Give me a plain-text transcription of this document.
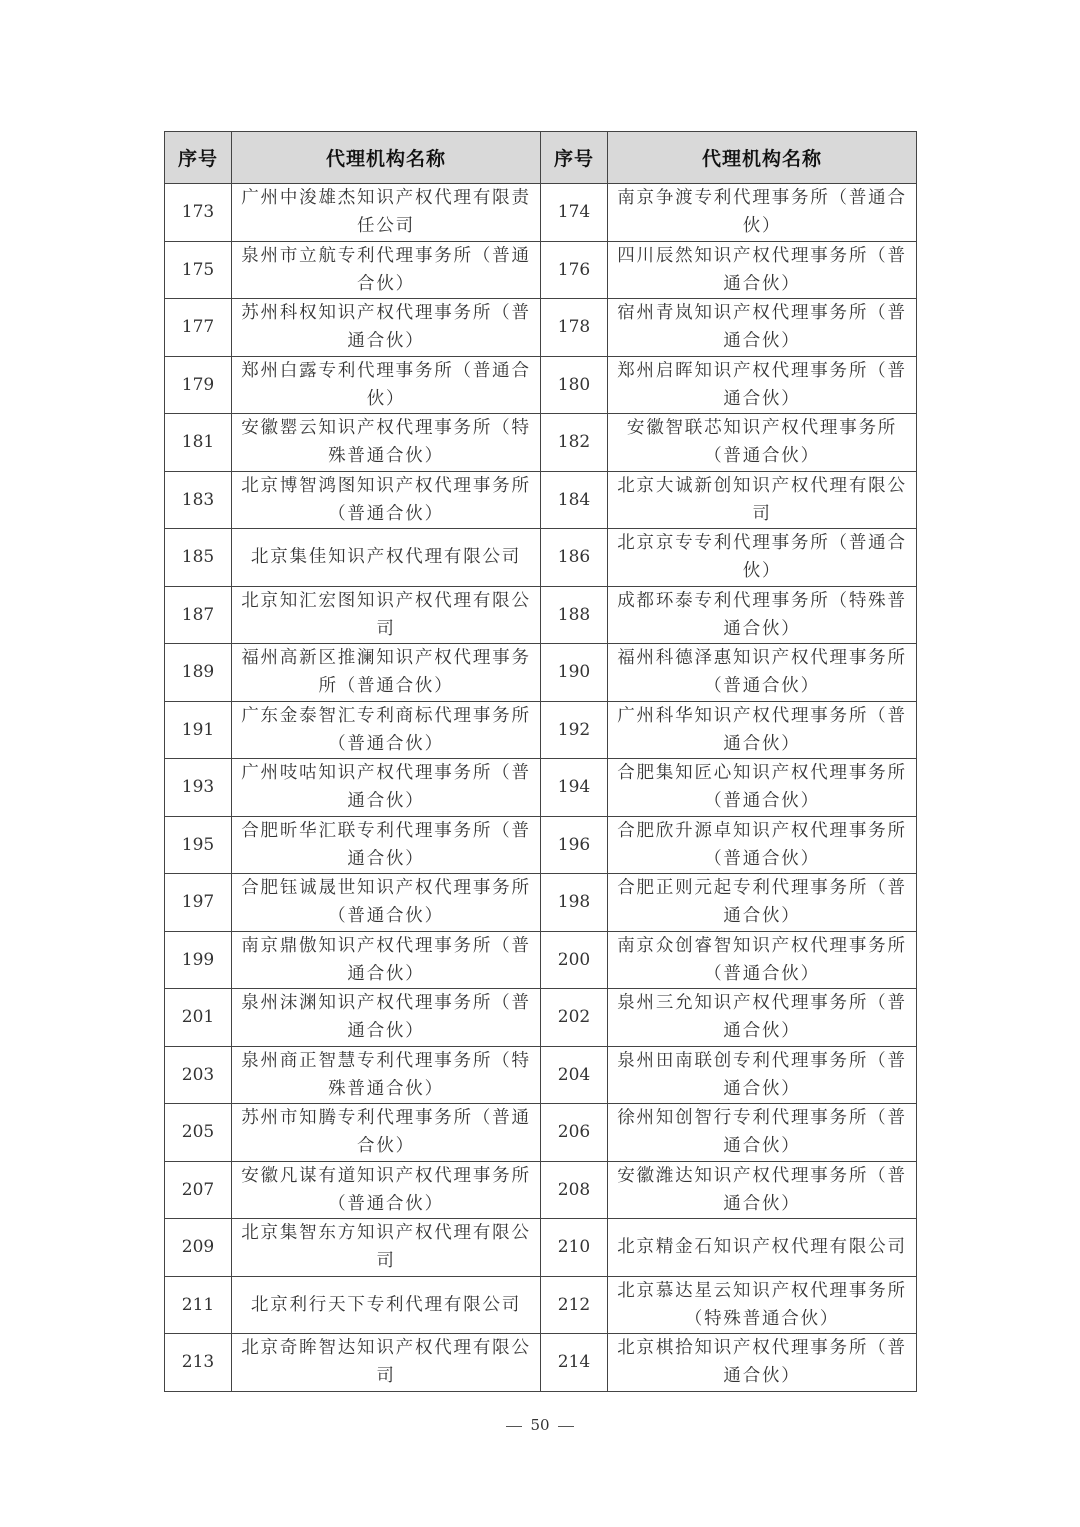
序号	代理机构名称	序号	代理机构名称
173	广州中浚雄杰知识产权代理有限责任公司	174	南京争渡专利代理事务所（普通合伙）
175	泉州市立航专利代理事务所（普通合伙）	176	四川辰然知识产权代理事务所（普通合伙）
177	苏州科权知识产权代理事务所（普通合伙）	178	宿州青岚知识产权代理事务所（普通合伙）
179	郑州白露专利代理事务所（普通合伙）	180	郑州启晖知识产权代理事务所（普通合伙）
181	安徽罂云知识产权代理事务所（特殊普通合伙）	182	安徽智联芯知识产权代理事务所（普通合伙）
183	北京博智鸿图知识产权代理事务所（普通合伙）	184	北京大诚新创知识产权代理有限公司
185	北京集佳知识产权代理有限公司	186	北京京专专利代理事务所（普通合伙）
187	北京知汇宏图知识产权代理有限公司	188	成都环泰专利代理事务所（特殊普通合伙）
189	福州高新区推澜知识产权代理事务所（普通合伙）	190	福州科德泽惠知识产权代理事务所（普通合伙）
191	广东金泰智汇专利商标代理事务所（普通合伙）	192	广州科华知识产权代理事务所（普通合伙）
193	广州吱咕知识产权代理事务所（普通合伙）	194	合肥集知匠心知识产权代理事务所（普通合伙）
195	合肥昕华汇联专利代理事务所（普通合伙）	196	合肥欣升源卓知识产权代理事务所（普通合伙）
197	合肥钰诚晟世知识产权代理事务所（普通合伙）	198	合肥正则元起专利代理事务所（普通合伙）
199	南京鼎傲知识产权代理事务所（普通合伙）	200	南京众创睿智知识产权代理事务所（普通合伙）
201	泉州沫渊知识产权代理事务所（普通合伙）	202	泉州三允知识产权代理事务所（普通合伙）
203	泉州商正智慧专利代理事务所（特殊普通合伙）	204	泉州田南联创专利代理事务所（普通合伙）
205	苏州市知腾专利代理事务所（普通合伙）	206	徐州知创智行专利代理事务所（普通合伙）
207	安徽凡谋有道知识产权代理事务所（普通合伙）	208	安徽潍达知识产权代理事务所（普通合伙）
209	北京集智东方知识产权代理有限公司	210	北京精金石知识产权代理有限公司
211	北京利行天下专利代理有限公司	212	北京慕达星云知识产权代理事务所（特殊普通合伙）
213	北京奇眸智达知识产权代理有限公司	214	北京棋拾知识产权代理事务所（普通合伙）
50
